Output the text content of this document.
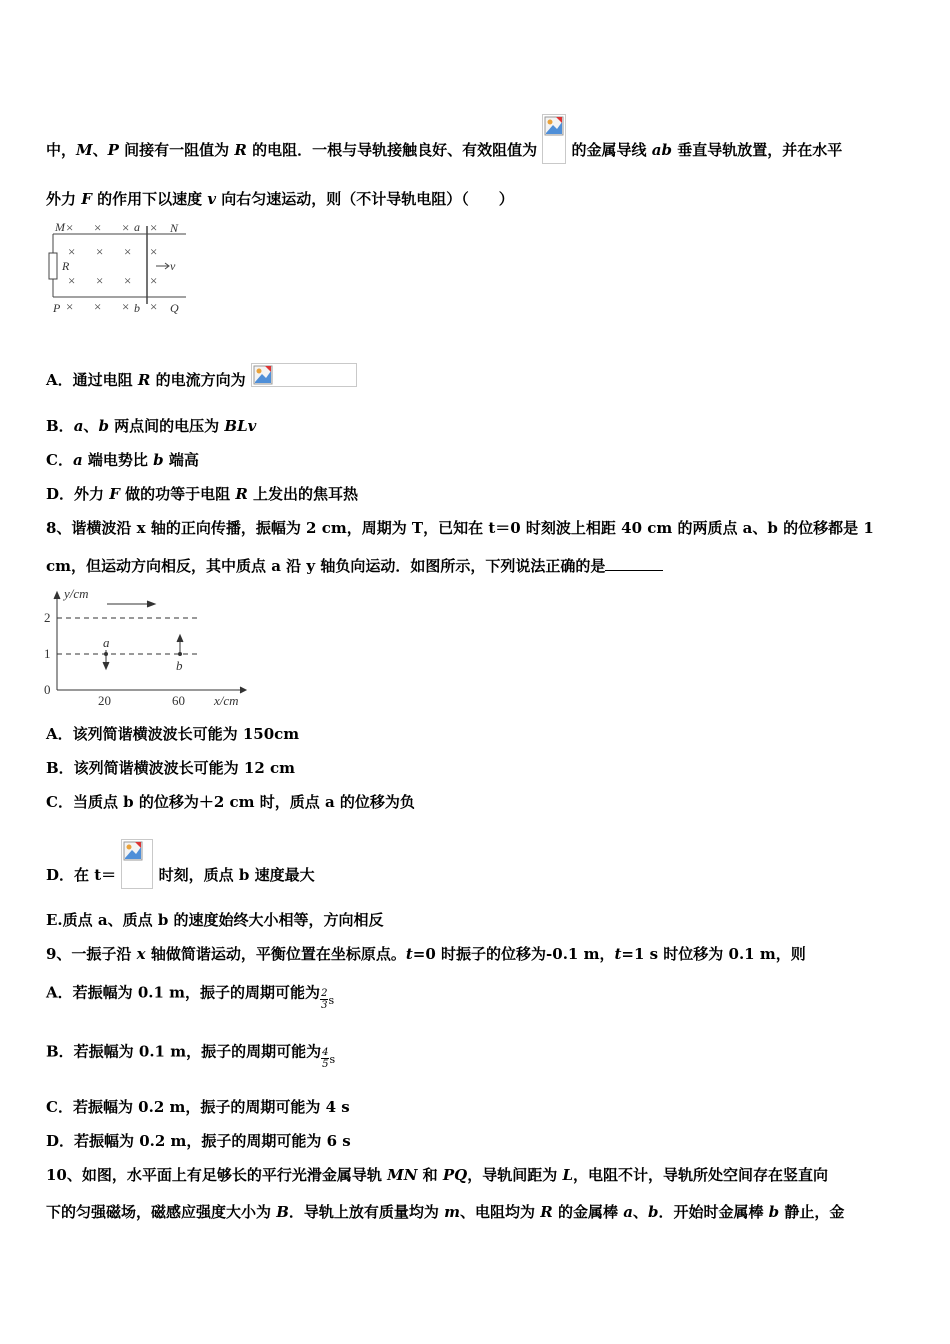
中，M、P 间接有一阻值为 R 的电阻．一根与导轨接触良好、有效阻值为 的金属导线 ab 垂直导轨放置，并在水平
外力 F 的作用下以速度 v 向右匀速运动，则（不计导轨电阻）（　　）
M	N
P	Q
R
a
b
v
× × × ×
× × × ×
× × × ×
× × × ×
A．通过电阻 R 的电流方向为
B．a、b 两点间的电压为 BLv
C．a 端电势比 b 端高
D．外力 F 做的功等于电阻 R 上发出的焦耳热
8、谐横波沿 x 轴的正向传播，振幅为 2 cm，周期为 T，已知在 t＝0 时刻波上相距 40 cm 的两质点 a、b 的位移都是 1
cm，但运动方向相反，其中质点 a 沿 y 轴负向运动．如图所示，下列说法正确的是
y/cm
2
1
0
20	60 x/cm
a
b
A．该列简谐横波波长可能为 150cm
B．该列简谐横波波长可能为 12 cm
C．当质点 b 的位移为＋2 cm 时，质点 a 的位移为负
D．在 t＝	时刻，质点 b 速度最大
E.质点 a、质点 b 的速度始终大小相等，方向相反
9、一振子沿 x 轴做简谐运动，平衡位置在坐标原点。t=0 时振子的位移为-0.1 m，t=1 s 时位移为 0.1 m，则
A．若振幅为 0.1 m，振子的周期可能为 $\frac{2}{3} _s$
B．若振幅为 0.1 m，振子的周期可能为 $\frac{4}{5} _s$
C．若振幅为 0.2 m，振子的周期可能为 4 s
D．若振幅为 0.2 m，振子的周期可能为 6 s
10、如图，水平面上有足够长的平行光滑金属导轨 MN 和 PQ，导轨间距为 L，电阻不计，导轨所处空间存在竖直向
下的匀强磁场，磁感应强度大小为 B．导轨上放有质量均为 m、电阻均为 R 的金属棒 a、b．开始时金属棒 b 静止，金
